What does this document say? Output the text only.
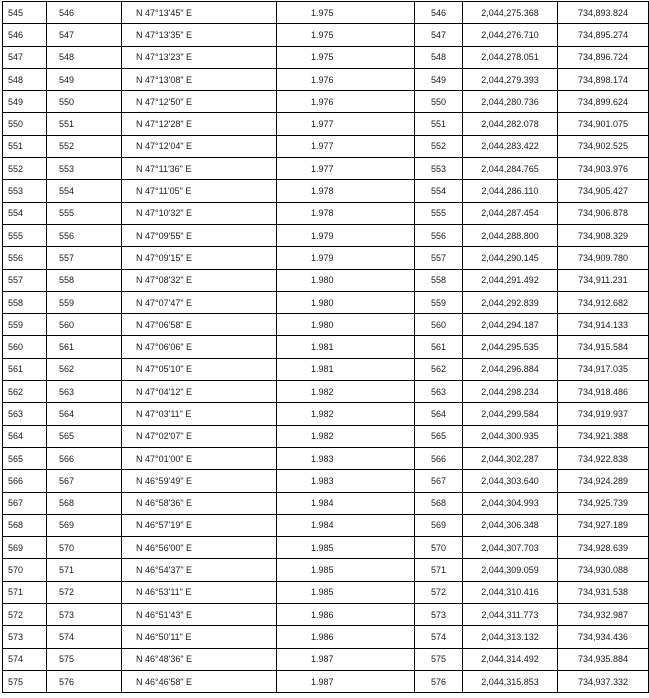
545	546	N 47°13'45" E	1.975	546	2,044,275.368	734,893.824
546	547	N 47°13'35" E	1.975	547	2,044,276.710	734,895.274
547	548	N 47°13'23" E	1.975	548	2,044,278.051	734,896.724
548	549	N 47°13'08" E	1.976	549	2,044,279.393	734,898.174
549	550	N 47°12'50" E	1.976	550	2,044,280.736	734,899.624
550	551	N 47°12'28" E	1.977	551	2,044,282.078	734,901.075
551	552	N 47°12'04" E	1.977	552	2,044,283.422	734,902.525
552	553	N 47°11'36" E	1.977	553	2,044,284.765	734,903.976
553	554	N 47°11'05" E	1.978	554	2,044,286.110	734,905.427
554	555	N 47°10'32" E	1.978	555	2,044,287.454	734,906.878
555	556	N 47°09'55" E	1.979	556	2,044,288.800	734,908.329
556	557	N 47°09'15" E	1.979	557	2,044,290.145	734,909.780
557	558	N 47°08'32" E	1.980	558	2,044,291.492	734,911.231
558	559	N 47°07'47" E	1.980	559	2,044,292.839	734,912.682
559	560	N 47°06'58" E	1.980	560	2,044,294.187	734,914.133
560	561	N 47°06'06" E	1.981	561	2,044,295.535	734,915.584
561	562	N 47°05'10" E	1.981	562	2,044,296.884	734,917.035
562	563	N 47°04'12" E	1.982	563	2,044,298.234	734,918.486
563	564	N 47°03'11" E	1.982	564	2,044,299.584	734,919.937
564	565	N 47°02'07" E	1.982	565	2,044,300.935	734,921.388
565	566	N 47°01'00" E	1.983	566	2,044,302.287	734,922.838
566	567	N 46°59'49" E	1.983	567	2,044,303.640	734,924.289
567	568	N 46°58'36" E	1.984	568	2,044,304.993	734,925.739
568	569	N 46°57'19" E	1.984	569	2,044,306.348	734,927.189
569	570	N 46°56'00" E	1.985	570	2,044,307.703	734,928.639
570	571	N 46°54'37" E	1.985	571	2,044,309.059	734,930.088
571	572	N 46°53'11" E	1.985	572	2,044,310.416	734,931.538
572	573	N 46°51'43" E	1.986	573	2,044,311.773	734,932.987
573	574	N 46°50'11" E	1.986	574	2,044,313.132	734,934.436
574	575	N 46°48'36" E	1.987	575	2,044,314.492	734,935.884
575	576	N 46°46'58" E	1.987	576	2,044,315.853	734,937.332
